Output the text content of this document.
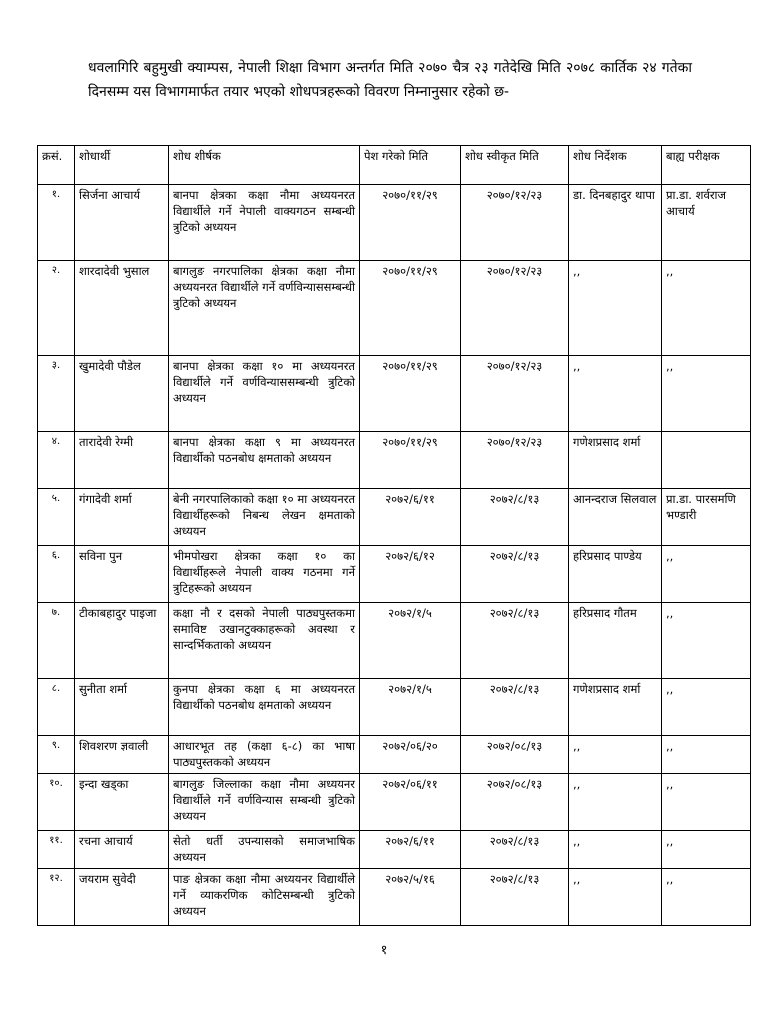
धवलागिरि बहुमुखी क्याम्पस, नेपाली शिक्षा विभाग अन्तर्गत मिति २०७० चैत्र २३ गतेदेखि मिति २०७८ कार्तिक २४ गतेका दिनसम्म यस विभागमार्फत तयार भएको शोधपत्रहरूको विवरण निम्नानुसार रहेको छ-

क्रसं.	शोधार्थी	शोध शीर्षक	पेश गरेको मिति	शोध स्वीकृत मिति	शोध निर्देशक	बाह्य परीक्षक
१.	सिर्जना आचार्य	बानपा क्षेत्रका कक्षा नौमा अध्ययनरत विद्यार्थीले गर्ने नेपाली वाक्यगठन सम्बन्धी त्रुटिको अध्ययन	२०७०/११/२९	२०७०/१२/२३	डा. दिनबहादुर थापा	प्रा.डा. शर्वराज आचार्य
२.	शारदादेवी भुसाल	बागलुङ नगरपालिका क्षेत्रका कक्षा नौमा अध्ययनरत विद्यार्थीले गर्ने वर्णविन्याससम्बन्धी त्रुटिको अध्ययन	२०७०/११/२९	२०७०/१२/२३	,,	,,
३.	खुमादेवी पौडेल	बानपा क्षेत्रका कक्षा १० मा अध्ययनरत विद्यार्थीले गर्ने वर्णविन्याससम्बन्धी त्रुटिको अध्ययन	२०७०/११/२९	२०७०/१२/२३	,,	,,
४.	तारादेवी रेग्मी	बानपा क्षेत्रका कक्षा ९ मा अध्ययनरत विद्यार्थीको पठनबोध क्षमताको अध्ययन	२०७०/११/२९	२०७०/१२/२३	गणेशप्रसाद शर्मा	
५.	गंगादेवी शर्मा	बेनी नगरपालिकाको कक्षा १० मा अध्ययनरत विद्यार्थीहरूको निबन्ध लेखन क्षमताको अध्ययन	२०७२/६/११	२०७२/८/१३	आनन्दराज सिलवाल	प्रा.डा. पारसमणि भण्डारी
६.	सविना पुन	भीमपोखरा क्षेत्रका कक्षा १० का विद्यार्थीहरूले नेपाली वाक्य गठनमा गर्ने त्रुटिहरूको अध्ययन	२०७२/६/१२	२०७२/८/१३	हरिप्रसाद पाण्डेय	,,
७.	टीकाबहादुर पाइजा	कक्षा नौ र दसको नेपाली पाठ्यपुस्तकमा समाविष्ट उखानटुक्काहरूको अवस्था र सान्दर्भिकताको अध्ययन	२०७२/१/५	२०७२/८/१३	हरिप्रसाद गौतम	,,
८.	सुनीता शर्मा	कुनपा क्षेत्रका कक्षा ६ मा अध्ययनरत विद्यार्थीको पठनबोध क्षमताको अध्ययन	२०७२/१/५	२०७२/८/१३	गणेशप्रसाद शर्मा	,,
९.	शिवशरण ज्ञवाली	आधारभूत तह (कक्षा ६-८) का भाषा पाठ्यपुस्तकको अध्ययन	२०७२/०६/२०	२०७२/०८/१३	,,	,,
१०.	इन्दा खड्का	बागलुङ जिल्लाका कक्षा नौमा अध्ययनर विद्यार्थीले गर्ने वर्णविन्यास सम्बन्धी त्रुटिको अध्ययन	२०७२/०६/११	२०७२/०८/१३	,,	,,
११.	रचना आचार्य	सेतो धर्ती उपन्यासको समाजभाषिक अध्ययन	२०७२/६/११	२०७२/८/१३	,,	,,
१२.	जयराम सुवेदी	पाङ क्षेत्रका कक्षा नौमा अध्ययनर विद्यार्थीले गर्ने व्याकरणिक कोटिसम्बन्धी त्रुटिको अध्ययन	२०७२/५/१६	२०७२/८/१३	,,	,,

१
